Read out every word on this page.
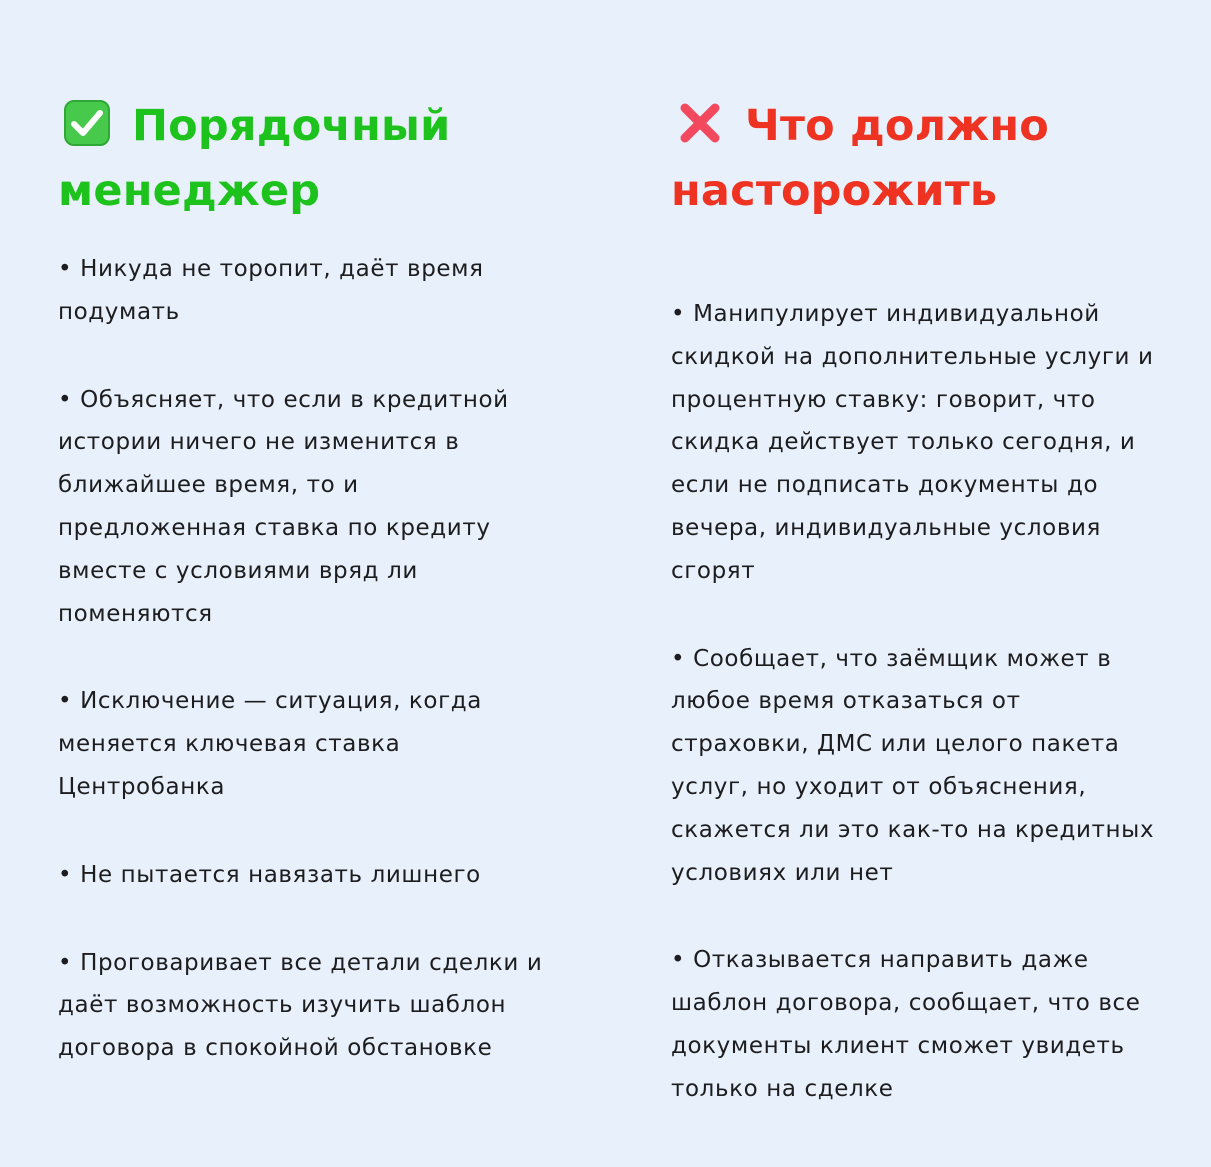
Порядочный менеджер
• Никуда не торопит, даёт время подумать
• Объясняет, что если в кредитной истории ничего не изменится в ближайшее время, то и предложенная ставка по кредиту вместе с условиями вряд ли поменяются
• Исключение — ситуация, когда меняется ключевая ставка Центробанка
• Не пытается навязать лишнего
• Проговаривает все детали сделки и даёт возможность изучить шаблон договора в спокойной обстановке
Что должно насторожить
• Манипулирует индивидуальной скидкой на дополнительные услуги и процентную ставку: говорит, что скидка действует только сегодня, и если не подписать документы до вечера, индивидуальные условия сгорят
• Сообщает, что заёмщик может в любое время отказаться от страховки, ДМС или целого пакета услуг, но уходит от объяснения, скажется ли это как-то на кредитных условиях или нет
• Отказывается направить даже шаблон договора, сообщает, что все документы клиент сможет увидеть только на сделке
